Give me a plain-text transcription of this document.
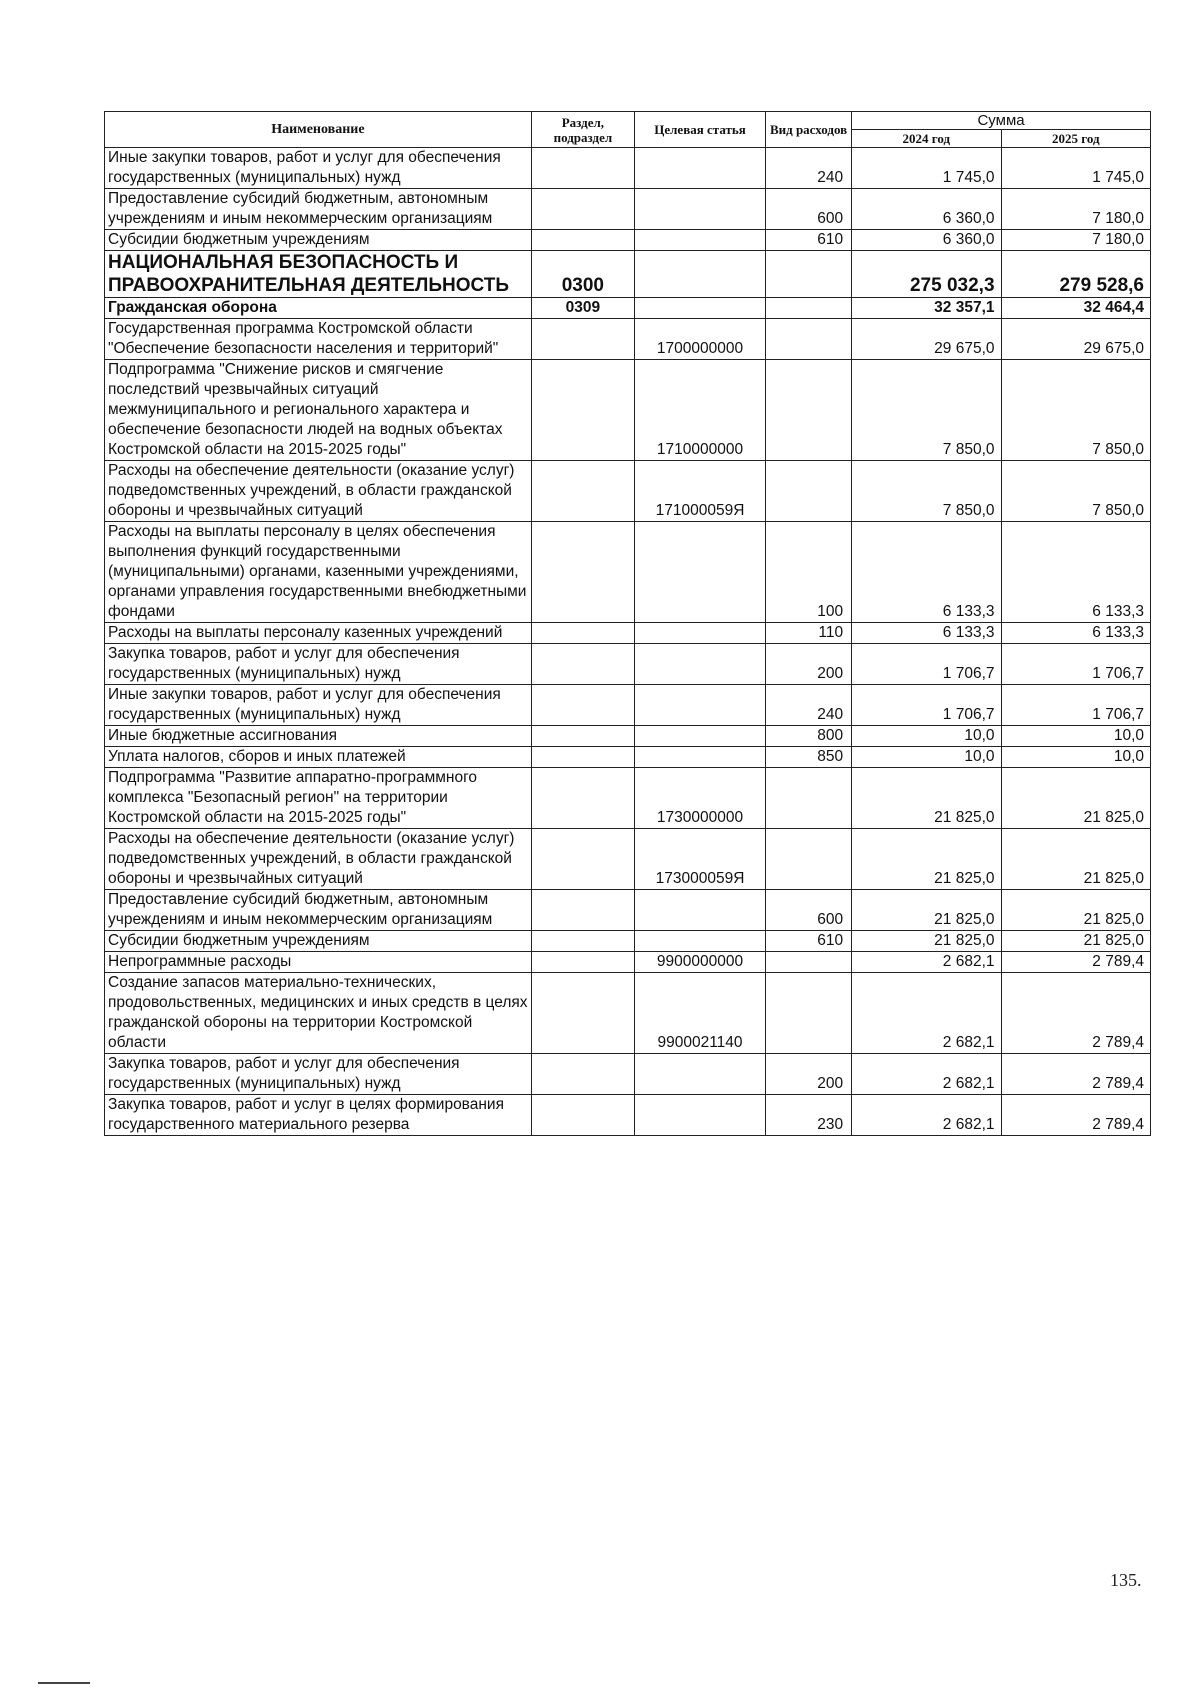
Наименование	Раздел, подраздел	Целевая статья	Вид расходов	Сумма	
				2024 год	2025 год
Иные закупки товаров, работ и услуг для обеспечения государственных (муниципальных) нужд			240	1 745,0	1 745,0
Предоставление субсидий бюджетным, автономным учреждениям и иным некоммерческим организациям			600	6 360,0	7 180,0
Субсидии бюджетным учреждениям			610	6 360,0	7 180,0
НАЦИОНАЛЬНАЯ БЕЗОПАСНОСТЬ И ПРАВООХРАНИТЕЛЬНАЯ ДЕЯТЕЛЬНОСТЬ	0300			275 032,3	279 528,6
Гражданская оборона	0309			32 357,1	32 464,4
Государственная программа Костромской области "Обеспечение безопасности населения и территорий"		1700000000		29 675,0	29 675,0
Подпрограмма "Снижение рисков и смягчение последствий чрезвычайных ситуаций межмуниципального и регионального характера и обеспечение безопасности людей на водных объектах Костромской области на 2015-2025 годы"		1710000000		7 850,0	7 850,0
Расходы на обеспечение деятельности (оказание услуг) подведомственных учреждений, в области гражданской обороны и чрезвычайных ситуаций		171000059Я		7 850,0	7 850,0
Расходы на выплаты персоналу в целях обеспечения выполнения функций государственными (муниципальными) органами, казенными учреждениями, органами управления государственными внебюджетными фондами			100	6 133,3	6 133,3
Расходы на выплаты персоналу казенных учреждений			110	6 133,3	6 133,3
Закупка товаров, работ и услуг для обеспечения государственных (муниципальных) нужд			200	1 706,7	1 706,7
Иные закупки товаров, работ и услуг для обеспечения государственных (муниципальных) нужд			240	1 706,7	1 706,7
Иные бюджетные ассигнования			800	10,0	10,0
Уплата налогов, сборов и иных платежей			850	10,0	10,0
Подпрограмма "Развитие аппаратно-программного комплекса "Безопасный регион" на территории Костромской области на 2015-2025 годы"		1730000000		21 825,0	21 825,0
Расходы на обеспечение деятельности (оказание услуг) подведомственных учреждений, в области гражданской обороны и чрезвычайных ситуаций		173000059Я		21 825,0	21 825,0
Предоставление субсидий бюджетным, автономным учреждениям и иным некоммерческим организациям			600	21 825,0	21 825,0
Субсидии бюджетным учреждениям			610	21 825,0	21 825,0
Непрограммные расходы		9900000000		2 682,1	2 789,4
Создание запасов материально-технических, продовольственных, медицинских и иных средств в целях гражданской обороны на территории Костромской области		9900021140		2 682,1	2 789,4
Закупка товаров, работ и услуг для обеспечения государственных (муниципальных) нужд			200	2 682,1	2 789,4
Закупка товаров, работ и услуг в целях формирования государственного материального резерва			230	2 682,1	2 789,4
135.
